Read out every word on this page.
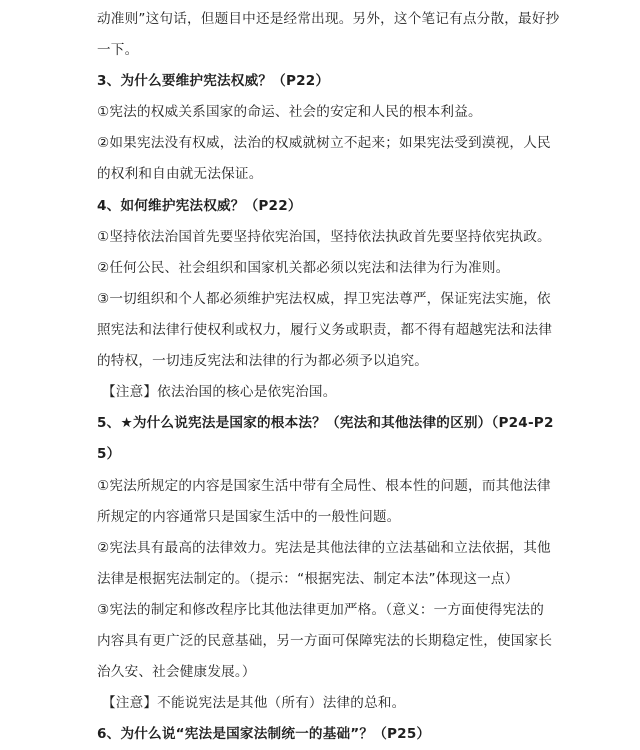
动准则”这句话，但题目中还是经常出现。另外，这个笔记有点分散，最好抄
一下。
3、为什么要维护宪法权威？（P22）
①宪法的权威关系国家的命运、社会的安定和人民的根本利益。
②如果宪法没有权威，法治的权威就树立不起来；如果宪法受到漠视，人民
的权利和自由就无法保证。
4、如何维护宪法权威？（P22）
①坚持依法治国首先要坚持依宪治国，坚持依法执政首先要坚持依宪执政。
②任何公民、社会组织和国家机关都必须以宪法和法律为行为准则。
③一切组织和个人都必须维护宪法权威，捍卫宪法尊严，保证宪法实施，依
照宪法和法律行使权利或权力，履行义务或职责，都不得有超越宪法和法律
的特权，一切违反宪法和法律的行为都必须予以追究。
【注意】依法治国的核心是依宪治国。
5、★为什么说宪法是国家的根本法？（宪法和其他法律的区别）（P24-P2
5）
①宪法所规定的内容是国家生活中带有全局性、根本性的问题，而其他法律
所规定的内容通常只是国家生活中的一般性问题。
②宪法具有最高的法律效力。宪法是其他法律的立法基础和立法依据，其他
法律是根据宪法制定的。（提示：“根据宪法、制定本法”体现这一点）
③宪法的制定和修改程序比其他法律更加严格。（意义：一方面使得宪法的
内容具有更广泛的民意基础，另一方面可保障宪法的长期稳定性，使国家长
治久安、社会健康发展。）
【注意】不能说宪法是其他（所有）法律的总和。
6、为什么说“宪法是国家法制统一的基础”？（P25）
